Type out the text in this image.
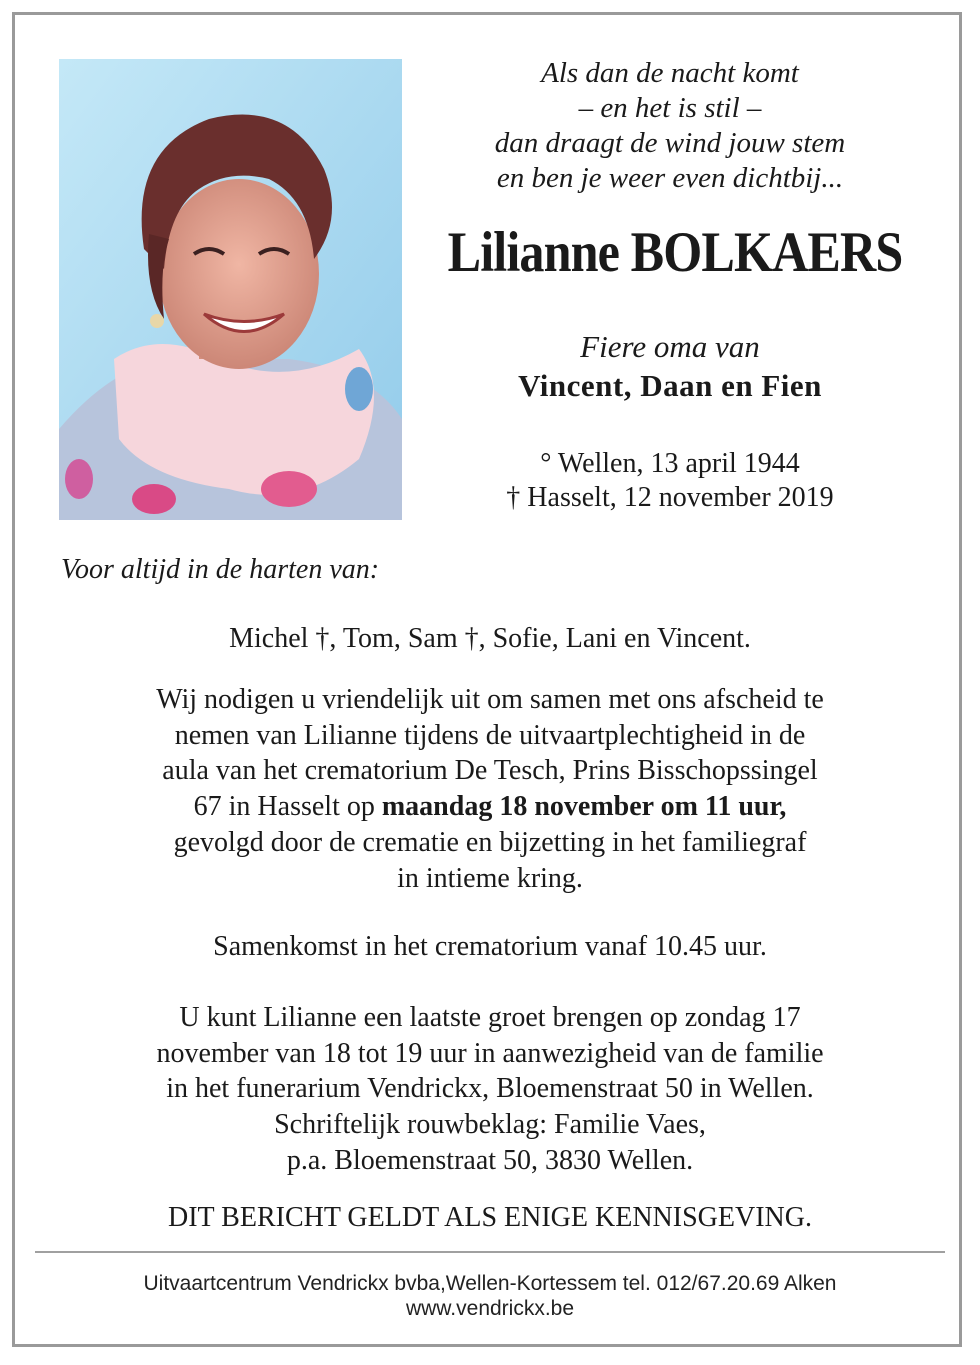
Als dan de nacht komt
– en het is stil –
dan draagt de wind jouw stem
en ben je weer even dichtbij...
Lilianne BOLKAERS
Fiere oma van
Vincent, Daan en Fien
° Wellen, 13 april 1944
† Hasselt, 12 november 2019
Voor altijd in de harten van:
Michel †, Tom, Sam †, Sofie, Lani en Vincent.
Wij nodigen u vriendelijk uit om samen met ons afscheid te
nemen van Lilianne tijdens de uitvaartplechtigheid in de
aula van het crematorium De Tesch, Prins Bisschopssingel
67 in Hasselt op maandag 18 november om 11 uur,
gevolgd door de crematie en bijzetting in het familiegraf
in intieme kring.
Samenkomst in het crematorium vanaf 10.45 uur.
U kunt Lilianne een laatste groet brengen op zondag 17
november van 18 tot 19 uur in aanwezigheid van de familie
in het funerarium Vendrickx, Bloemenstraat 50 in Wellen.
Schriftelijk rouwbeklag: Familie Vaes,
p.a. Bloemenstraat 50, 3830 Wellen.
DIT BERICHT GELDT ALS ENIGE KENNISGEVING.
Uitvaartcentrum Vendrickx bvba,Wellen-Kortessem tel. 012/67.20.69 Alken
www.vendrickx.be
